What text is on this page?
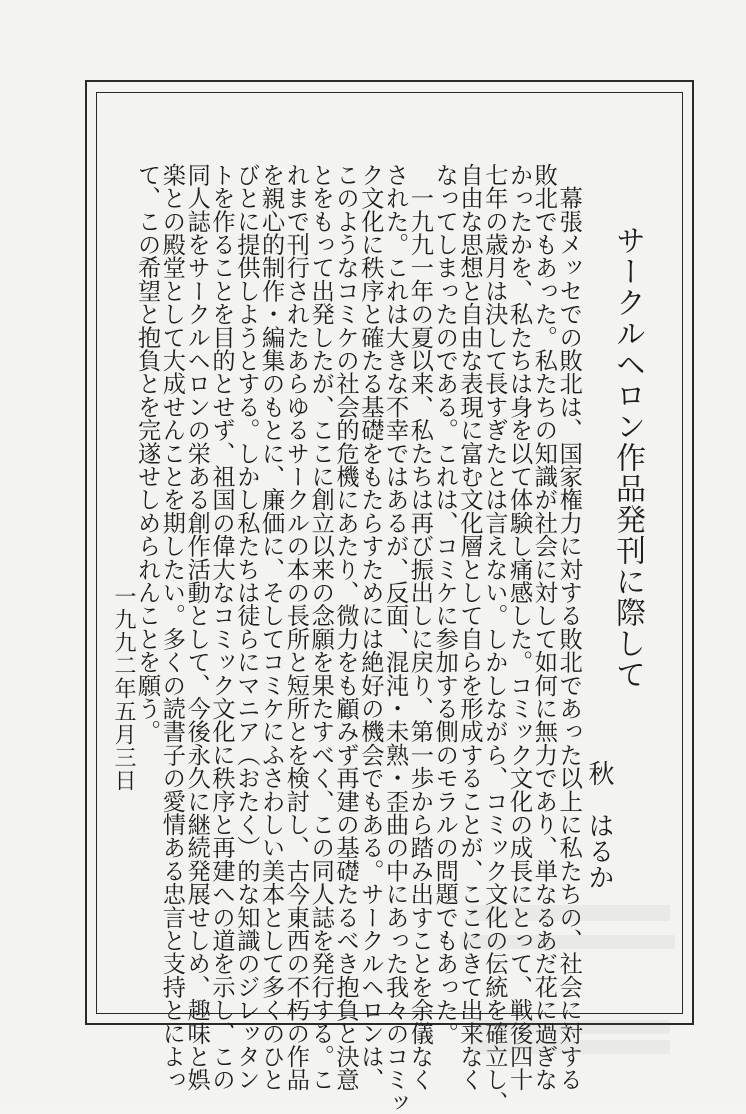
サークルヘロン作品発刊に際して
秋　はるか
　幕張メッセでの敗北は、国家権力に対する敗北であった以上に私たちの、社会に対する
敗北でもあった。私たちの知識が社会に対して如何に無力であり、単なるあだ花に過ぎな
かったかを、私たちは身を以て体験し痛感した。コミック文化の成長にとって、戦後四十
七年の歳月は決して長すぎたとは言えない。しかしながら、コミック文化の伝統を確立し、
自由な思想と自由な表現に富む文化層として自らを形成することが、ここにきて出来なく
なってしまったのである。これは、コミケに参加する側のモラルの問題でもあった。
　一九九一年の夏以来、私たちは再び振出しに戻り、第一歩から踏み出すことを余儀なく
された。これは大きな不幸ではあるが、反面、混沌・未熟・歪曲の中にあった我々のコミッ
ク文化に秩序と確たる基礎をもたらすためには絶好の機会でもある。サークルヘロンは、
このようなコミケの社会的危機にあたり、微力をも顧みず再建の基礎たるべき抱負と決意
とをもって出発したが、ここに創立以来の念願を果たすべく、この同人誌を発行する。こ
れまで刊行されたあらゆるサークルの本の長所と短所とを検討し、古今東西の不朽の作品
を親心的制作・編集のもとに、廉価に、そしてコミケにふさわしい美本として多くのひと
びとに提供しようとする。しかし私たちは徒らにマニア（おたく）的な知識のジレッタン
トを作ることを目的とせず、祖国の偉大なコミック文化に秩序と再建への道を示し、この
同人誌をサークルヘロンの栄ある創作活動として、今後永久に継続発展せしめ、趣味と娯
楽との殿堂として大成せんことを期したい。多くの読書子の愛情ある忠言と支持とによっ
て、この希望と抱負とを完遂せしめられんことを願う。
一九九二年五月三日
